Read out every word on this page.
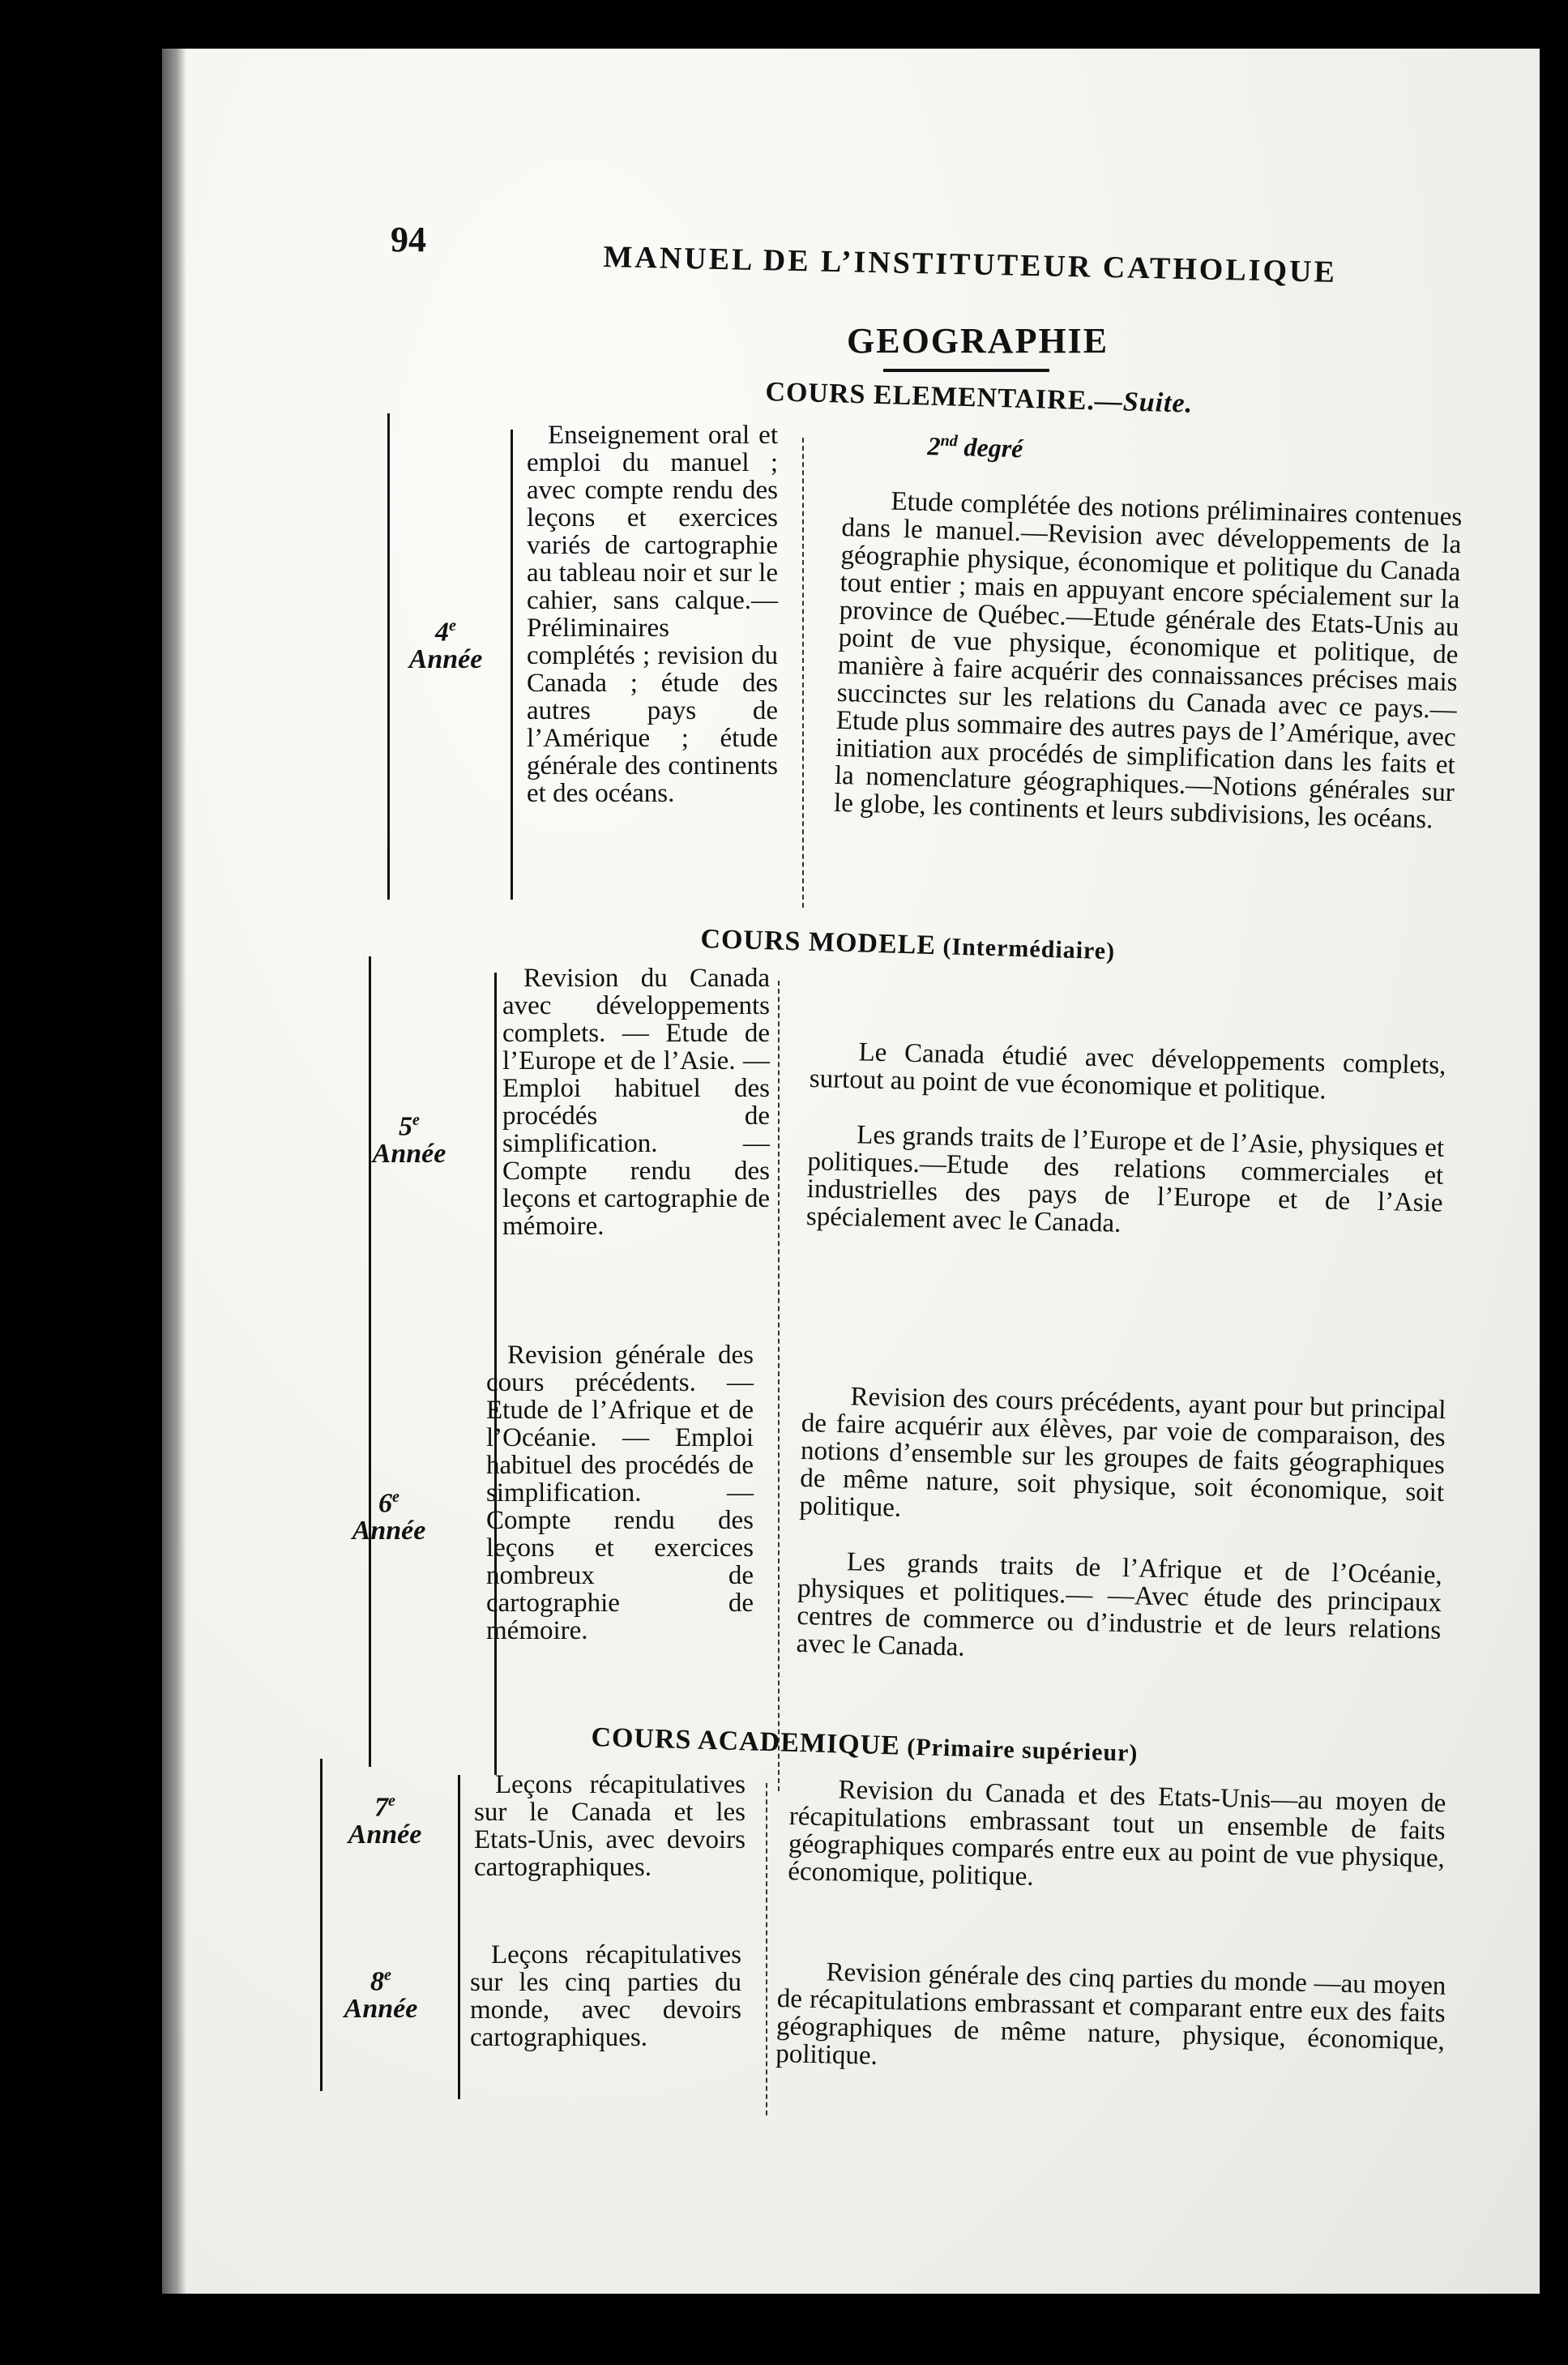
94
MANUEL DE L’INSTITUTEUR CATHOLIQUE
GEOGRAPHIE
COURS ELEMENTAIRE.—Suite.
2nd degré
4e
Année

Enseignement oral et emploi du manuel ; avec compte rendu des leçons et exercices variés de cartographie au tableau noir et sur le cahier, sans calque.— Préliminaires complétés ; revision du Canada ; étude des autres pays de l’Amérique ; étude générale des continents et des océans.

Etude complétée des notions préliminaires contenues dans le manuel.—Revision avec développements de la géographie physique, économique et politique du Canada tout entier ; mais en appuyant encore spécialement sur la province de Québec.—Etude générale des Etats-Unis au point de vue physique, économique et politique, de manière à faire acquérir des connaissances précises mais succinctes sur les relations du Canada avec ce pays.—Etude plus sommaire des autres pays de l’Amérique, avec initiation aux procédés de simplification dans les faits et la nomenclature géographiques.—Notions générales sur le globe, les continents et leurs subdivisions, les océans.

COURS MODELE (Intermédiaire)
5e
Année
6e
Année

Revision du Canada avec développements complets. — Etude de l’Europe et de l’Asie. — Emploi habituel des procédés de simplification. — Compte rendu des leçons et cartographie de mémoire.

Revision générale des cours précédents. — Etude de l’Afrique et de l’Océanie. — Emploi habituel des procédés de simplification. — Compte rendu des leçons et exercices nombreux de cartographie de mémoire.

Le Canada étudié avec développements complets, surtout au point de vue économique et politique.

Les grands traits de l’Europe et de l’Asie, physiques et politiques.—Etude des relations commerciales et industrielles des pays de l’Europe et de l’Asie spécialement avec le Canada.

Revision des cours précédents, ayant pour but principal de faire acquérir aux élèves, par voie de comparaison, des notions d’ensemble sur les groupes de faits géographiques de même nature, soit physique, soit économique, soit politique.

Les grands traits de l’Afrique et de l’Océanie, physiques et politiques.— —Avec étude des principaux centres de commerce ou d’industrie et de leurs relations avec le Canada.

COURS ACADEMIQUE (Primaire supérieur)
7e
Année
8e
Année

Leçons récapitulatives sur le Canada et les Etats-Unis, avec devoirs cartographiques.

Leçons récapitulatives sur les cinq parties du monde, avec devoirs cartographiques.

Revision du Canada et des Etats-Unis—au moyen de récapitulations embrassant tout un ensemble de faits géographiques comparés entre eux au point de vue physique, économique, politique.

Revision générale des cinq parties du monde —au moyen de récapitulations embrassant et comparant entre eux des faits géographiques de même nature, physique, économique, politique.
